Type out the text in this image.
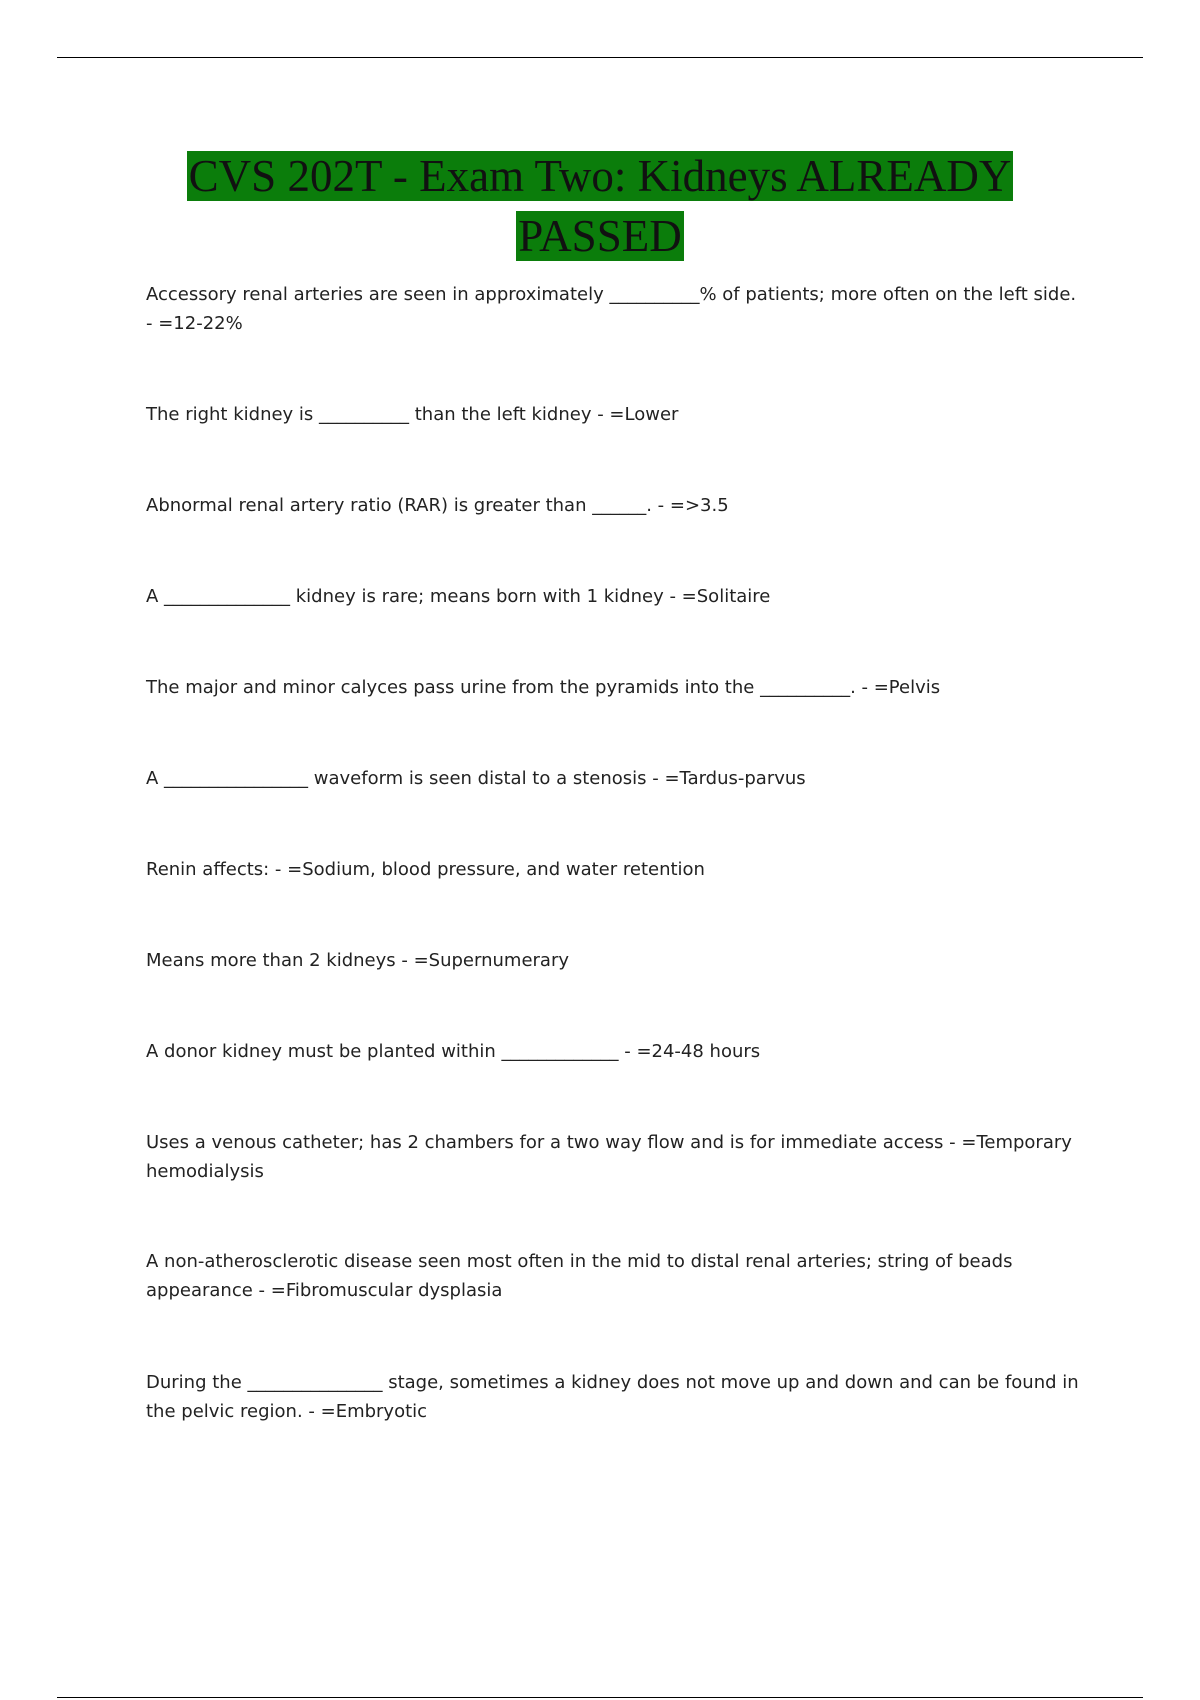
CVS 202T - Exam Two: Kidneys ALREADY PASSED

Accessory renal arteries are seen in approximately __________% of patients; more often on the left side. - =12-22%

The right kidney is __________ than the left kidney - =Lower

Abnormal renal artery ratio (RAR) is greater than ______. - =>3.5

A ______________ kidney is rare; means born with 1 kidney - =Solitaire

The major and minor calyces pass urine from the pyramids into the __________. - =Pelvis

A ________________ waveform is seen distal to a stenosis - =Tardus-parvus

Renin affects: - =Sodium, blood pressure, and water retention

Means more than 2 kidneys - =Supernumerary

A donor kidney must be planted within _____________ - =24-48 hours

Uses a venous catheter; has 2 chambers for a two way flow and is for immediate access - =Temporary hemodialysis

A non-atherosclerotic disease seen most often in the mid to distal renal arteries; string of beads appearance - =Fibromuscular dysplasia

During the _______________ stage, sometimes a kidney does not move up and down and can be found in the pelvic region. - =Embryotic
